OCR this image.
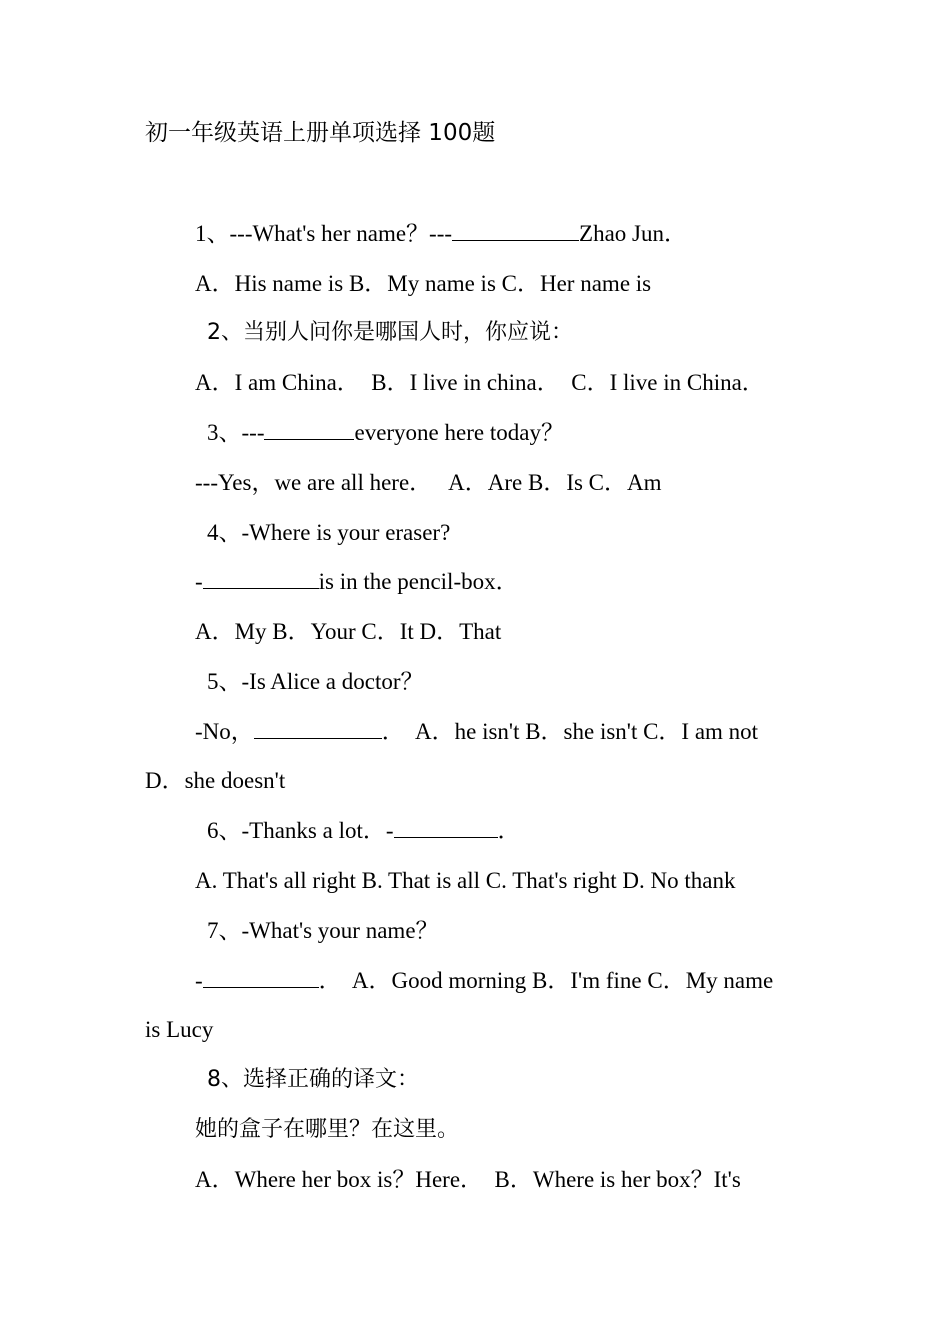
初一年级英语上册单项选择 100题
1、---What's her name？---	Zhao Jun．
A．His name is B．My name is C．Her name is
2、当别人问你是哪国人时，你应说：
A．I am China．  B．I live in china．  C．I live in China．
3、---	everyone here today？
---Yes，we are all here．   A．Are B．Is C．Am
4、-Where is your eraser?
-	is in the pencil-box．
A．My B．Your C．It D．That
5、-Is Alice a doctor？
-No，	．  A．he isn't B．she isn't C．I am not
D．she doesn't
6、-Thanks a lot．-	．
A. That's all right B. That is all C. That's right D. No thank
7、-What's your name？
-	．  A．Good morning B．I'm fine C．My name
is Lucy
8、选择正确的译文：
她的盒子在哪里？在这里。
A．Where her box is？Here．  B．Where is her box？It's
